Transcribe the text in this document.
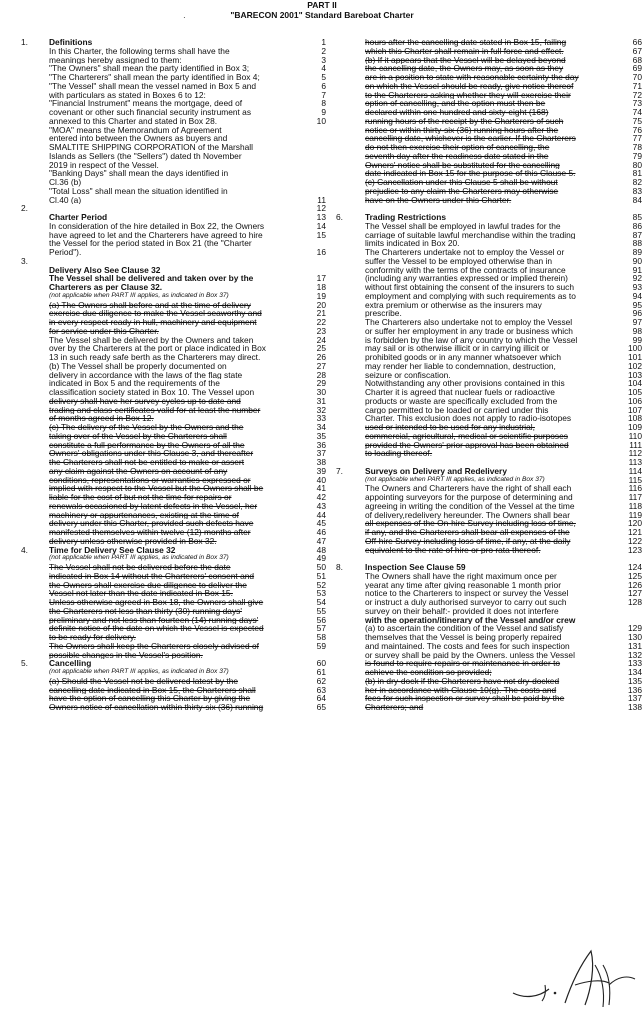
PART II
"BARECON 2001" Standard Bareboat Charter
·
1.	Definitions	1
In this Charter, the following terms shall have the	2
meanings hereby assigned to them:	3
"The Owners" shall mean the party identified in Box 3;	4
"The Charterers" shall mean the party identified in Box 4;	5
"The Vessel" shall mean the vessel named in Box 5 and	6
with particulars as stated in Boxes 6 to 12:	7
"Financial Instrument" means the mortgage, deed of	8
covenant or other such financial security instrument as	9
annexed to this Charter and stated in Box 28.	10
"MOA" means the Memorandum of Agreement
entered into between the Owners as buyers and
SMALTITE SHIPPING CORPORATION of the Marshall
Islands as Sellers (the "Sellers") dated th November
2019 in respect of the Vessel.
"Banking Days" shall mean the days identified in
Cl.36 (b)
"Total Loss" shall mean the situation identified in
Cl.40 (a)	11
2.	12
Charter Period	13
In consideration of the hire detailed in Box 22, the Owners	14
have agreed to let and the Charterers have agreed to hire	15
the Vessel for the period stated in Box 21 (the "Charter
Period").	16
3.
Delivery Also See Clause 32
The Vessel shall be delivered and taken over by the	17
Charterers as per Clause 32.	18
(not applicable when PART III applies, as indicated in Box 37)	19
(a) The Owners shall before and at the time of delivery	20
exercise due diligence to make the Vessel seaworthy and	21
in every respect ready in hull, machinery and equipment	22
for service under this Charter.	23
The Vessel shall be delivered by the Owners and taken	24
over by the Charterers at the port or place indicated in Box	25
13 in such ready safe berth as the Charterers may direct.	26
(b) The Vessel shall be properly documented on	27
delivery in accordance with the laws of the flag state	28
indicated in Box 5 and the requirements of the	29
classification society stated in Box 10. The Vessel upon	30
delivery shall have her survey cycles up to date and	31
trading and class certificates valid for at least the number	32
of months agreed in Box 12.	33
(c) The delivery of the Vessel by the Owners and the	34
taking over of the Vessel by the Charterers shall	35
constitute a full performance by the Owners of all the	36
Owners' obligations under this Clause 3, and thereafter	37
the Charterers shall not be entitled to make or assert	38
any claim against the Owners on account of any	39
conditions, representations or warranties expressed or	40
implied with respect to the Vessel but the Owners shall be	41
liable for the cost of but not the time for repairs or	42
renewals occasioned by latent defects in the Vessel, her	43
machinery or appurtenances, existing at the time of	44
delivery under this Charter, provided such defects have	45
manifested themselves within twelve (12) months after	46
delivery unless otherwise provided in Box 32.	47
4.	Time for Delivery See Clause 32	48
(not applicable when PART III applies, as indicated in Box 37)	49
The Vessel shall not be delivered before the date	50
indicated in Box 14 without the Charterers' consent and	51
the Owners shall exercise due diligence to deliver the	52
Vessel not later than the date indicated in Box 15.	53
Unless otherwise agreed in Box 18, the Owners shall give	54
the Charterers not less than thirty (30) running days'	55
preliminary and not less than fourteen (14) running days'	56
definite notice of the date on which the Vessel is expected	57
to be ready for delivery.	58
The Owners shall keep the Charterers closely advised of	59
possible changes in the Vessel's position.
5.	Cancelling	60
(not applicable when PART III applies, as indicated in Box 37)	61
(a) Should the Vessel not be delivered latest by the	62
cancelling date indicated in Box 15, the Charterers shall	63
have the option of cancelling this Charter by giving the	64
Owners notice of cancellation within thirty-six (36) running	65
hours after the cancelling date stated in Box 15, failing	66
which this Charter shall remain in full force and effect.	67
(b) If it appears that the Vessel will be delayed beyond	68
the cancelling date, the Owners may, as soon as they	69
are in a position to state with reasonable certainty the day	70
on which the Vessel should be ready, give notice thereof	71
to the Charterers asking whether they will exercise their	72
option of cancelling, and the option must then be	73
declared within one hundred and sixty-eight (168)	74
running hours of the receipt by the Charterers of such	75
notice or within thirty-six (36) running hours after the	76
cancelling date, whichever is the earlier. If the Charterers	77
do not then exercise their option of cancelling, the	78
seventh day after the readiness date stated in the	79
Owners' notice shall be substituted for the cancelling	80
date indicated in Box 15 for the purpose of this Clause 5.	81
(c) Cancellation under this Clause 5 shall be without	82
prejudice to any claim the Charterers may otherwise	83
have on the Owners under this Charter.	84
6.	Trading Restrictions	85
The Vessel shall be employed in lawful trades for the	86
carriage of suitable lawful merchandise within the trading	87
limits indicated in Box 20.	88
The Charterers undertake not to employ the Vessel or	89
suffer the Vessel to be employed otherwise than in	90
conformity with the terms of the contracts of insurance	91
(including any warranties expressed or implied therein)	92
without first obtaining the consent of the insurers to such	93
employment and complying with such requirements as to	94
extra premium or otherwise as the insurers may	95
prescribe.	96
The Charterers also undertake not to employ the Vessel	97
or suffer her employment in any trade or business which	98
is forbidden by the law of any country to which the Vessel	99
may sail or is otherwise illicit or in carrying illicit or	100
prohibited goods or in any manner whatsoever which	101
may render her liable to condemnation, destruction,	102
seizure or confiscation.	103
Notwithstanding any other provisions contained in this	104
Charter it is agreed that nuclear fuels or radioactive	105
products or waste are specifically excluded from the	106
cargo permitted to be loaded or carried under this	107
Charter. This exclusion does not apply to radio-isotopes	108
used or intended to be used for any industrial,	109
commercial, agricultural, medical or scientific purposes	110
provided the Owners' prior approval has been obtained	111
to loading thereof.	112
113
7.	Surveys on Delivery and Redelivery	114
(not applicable when PART III applies, as indicated in Box 37)	115
The Owners and Charterers have the right of shall each	116
appointing surveyors for the purpose of determining and	117
agreeing in writing the condition of the Vessel at the time	118
of delivery,redelivery hereunder. The Owners shall bear	119
all expenses of the On-hire Survey including loss of time,	120
if any, and the Charterers shall bear all expenses of the	121
Off-hire Survey including loss of time, if any, at the daily	122
equivalent to the rate of hire or pro rata thereof.	123
8.	Inspection See Clause 59	124
The Owners shall have the right maximum once per	125
yearat any time after giving reasonable 1 month prior	126
notice to the Charterers to inspect or survey the Vessel	127
or instruct a duly authorised surveyor to carry out such	128
survey on their behalf:- provided it does not interfere
with the operation/itinerary of the Vessel and/or crew
(a) to ascertain the condition of the Vessel and satisfy	129
themselves that the Vessel is being properly repaired	130
and maintained. The costs and fees for such inspection	131
or survey shall be paid by the Owners. unless the Vessel	132
is found to require repairs or maintenance in order to	133
achieve the condition so provided;	134
(b) in dry-dock if the Charterers have not dry-docked	135
her in accordance with Clause 10(g). The costs and	136
fees for such inspection or survey shall be paid by the	137
Charterers; and	138
